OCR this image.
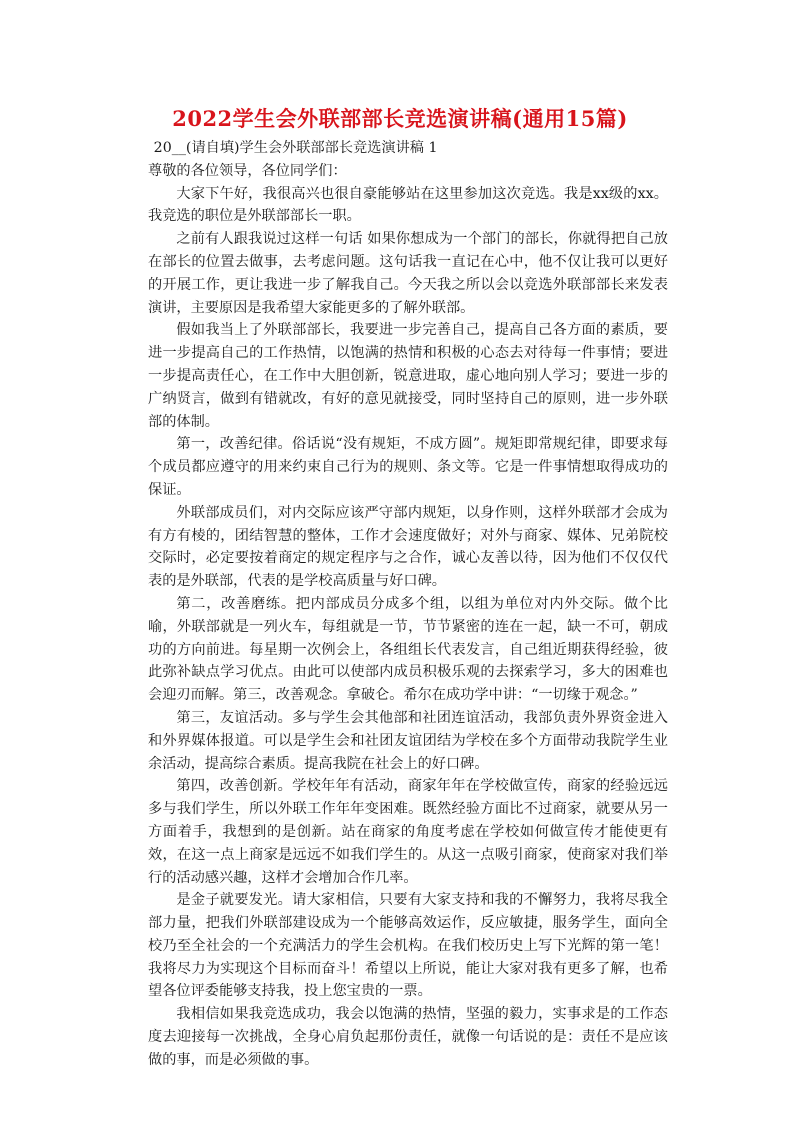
2022学生会外联部部长竞选演讲稿(通用15篇)

20__(请自填)学生会外联部部长竞选演讲稿 1

尊敬的各位领导，各位同学们：

大家下午好，我很高兴也很自豪能够站在这里参加这次竞选。我是xx级的xx。我竞选的职位是外联部部长一职。

之前有人跟我说过这样一句话 如果你想成为一个部门的部长，你就得把自己放在部长的位置去做事，去考虑问题。这句话我一直记在心中，他不仅让我可以更好的开展工作，更让我进一步了解我自己。今天我之所以会以竞选外联部部长来发表演讲，主要原因是我希望大家能更多的了解外联部。

假如我当上了外联部部长，我要进一步完善自己，提高自己各方面的素质，要进一步提高自己的工作热情，以饱满的热情和积极的心态去对待每一件事情；要进一步提高责任心，在工作中大胆创新，锐意进取，虚心地向别人学习；要进一步的广纳贤言，做到有错就改，有好的意见就接受，同时坚持自己的原则，进一步外联部的体制。

第一，改善纪律。俗话说“没有规矩，不成方圆”。规矩即常规纪律，即要求每个成员都应遵守的用来约束自己行为的规则、条文等。它是一件事情想取得成功的保证。

外联部成员们，对内交际应该严守部内规矩，以身作则，这样外联部才会成为有方有棱的，团结智慧的整体，工作才会速度做好；对外与商家、媒体、兄弟院校交际时，必定要按着商定的规定程序与之合作，诚心友善以待，因为他们不仅仅代表的是外联部，代表的是学校高质量与好口碑。

第二，改善磨练。把内部成员分成多个组，以组为单位对内外交际。做个比喻，外联部就是一列火车，每组就是一节，节节紧密的连在一起，缺一不可，朝成功的方向前进。每星期一次例会上，各组组长代表发言，自己组近期获得经验，彼此弥补缺点学习优点。由此可以使部内成员积极乐观的去探索学习，多大的困难也会迎刃而解。第三，改善观念。拿破仑。希尔在成功学中讲：“一切缘于观念。”

第三，友谊活动。多与学生会其他部和社团连谊活动，我部负责外界资金进入和外界媒体报道。可以是学生会和社团友谊团结为学校在多个方面带动我院学生业余活动，提高综合素质。提高我院在社会上的好口碑。

第四，改善创新。学校年年有活动，商家年年在学校做宣传，商家的经验远远多与我们学生，所以外联工作年年变困难。既然经验方面比不过商家，就要从另一方面着手，我想到的是创新。站在商家的角度考虑在学校如何做宣传才能使更有效，在这一点上商家是远远不如我们学生的。从这一点吸引商家，使商家对我们举行的活动感兴趣，这样才会增加合作几率。

是金子就要发光。请大家相信，只要有大家支持和我的不懈努力，我将尽我全部力量，把我们外联部建设成为一个能够高效运作，反应敏捷，服务学生，面向全校乃至全社会的一个充满活力的学生会机构。在我们校历史上写下光辉的第一笔！我将尽力为实现这个目标而奋斗！希望以上所说，能让大家对我有更多了解，也希望各位评委能够支持我，投上您宝贵的一票。

我相信如果我竞选成功，我会以饱满的热情，坚强的毅力，实事求是的工作态度去迎接每一次挑战，全身心肩负起那份责任，就像一句话说的是：责任不是应该做的事，而是必须做的事。
